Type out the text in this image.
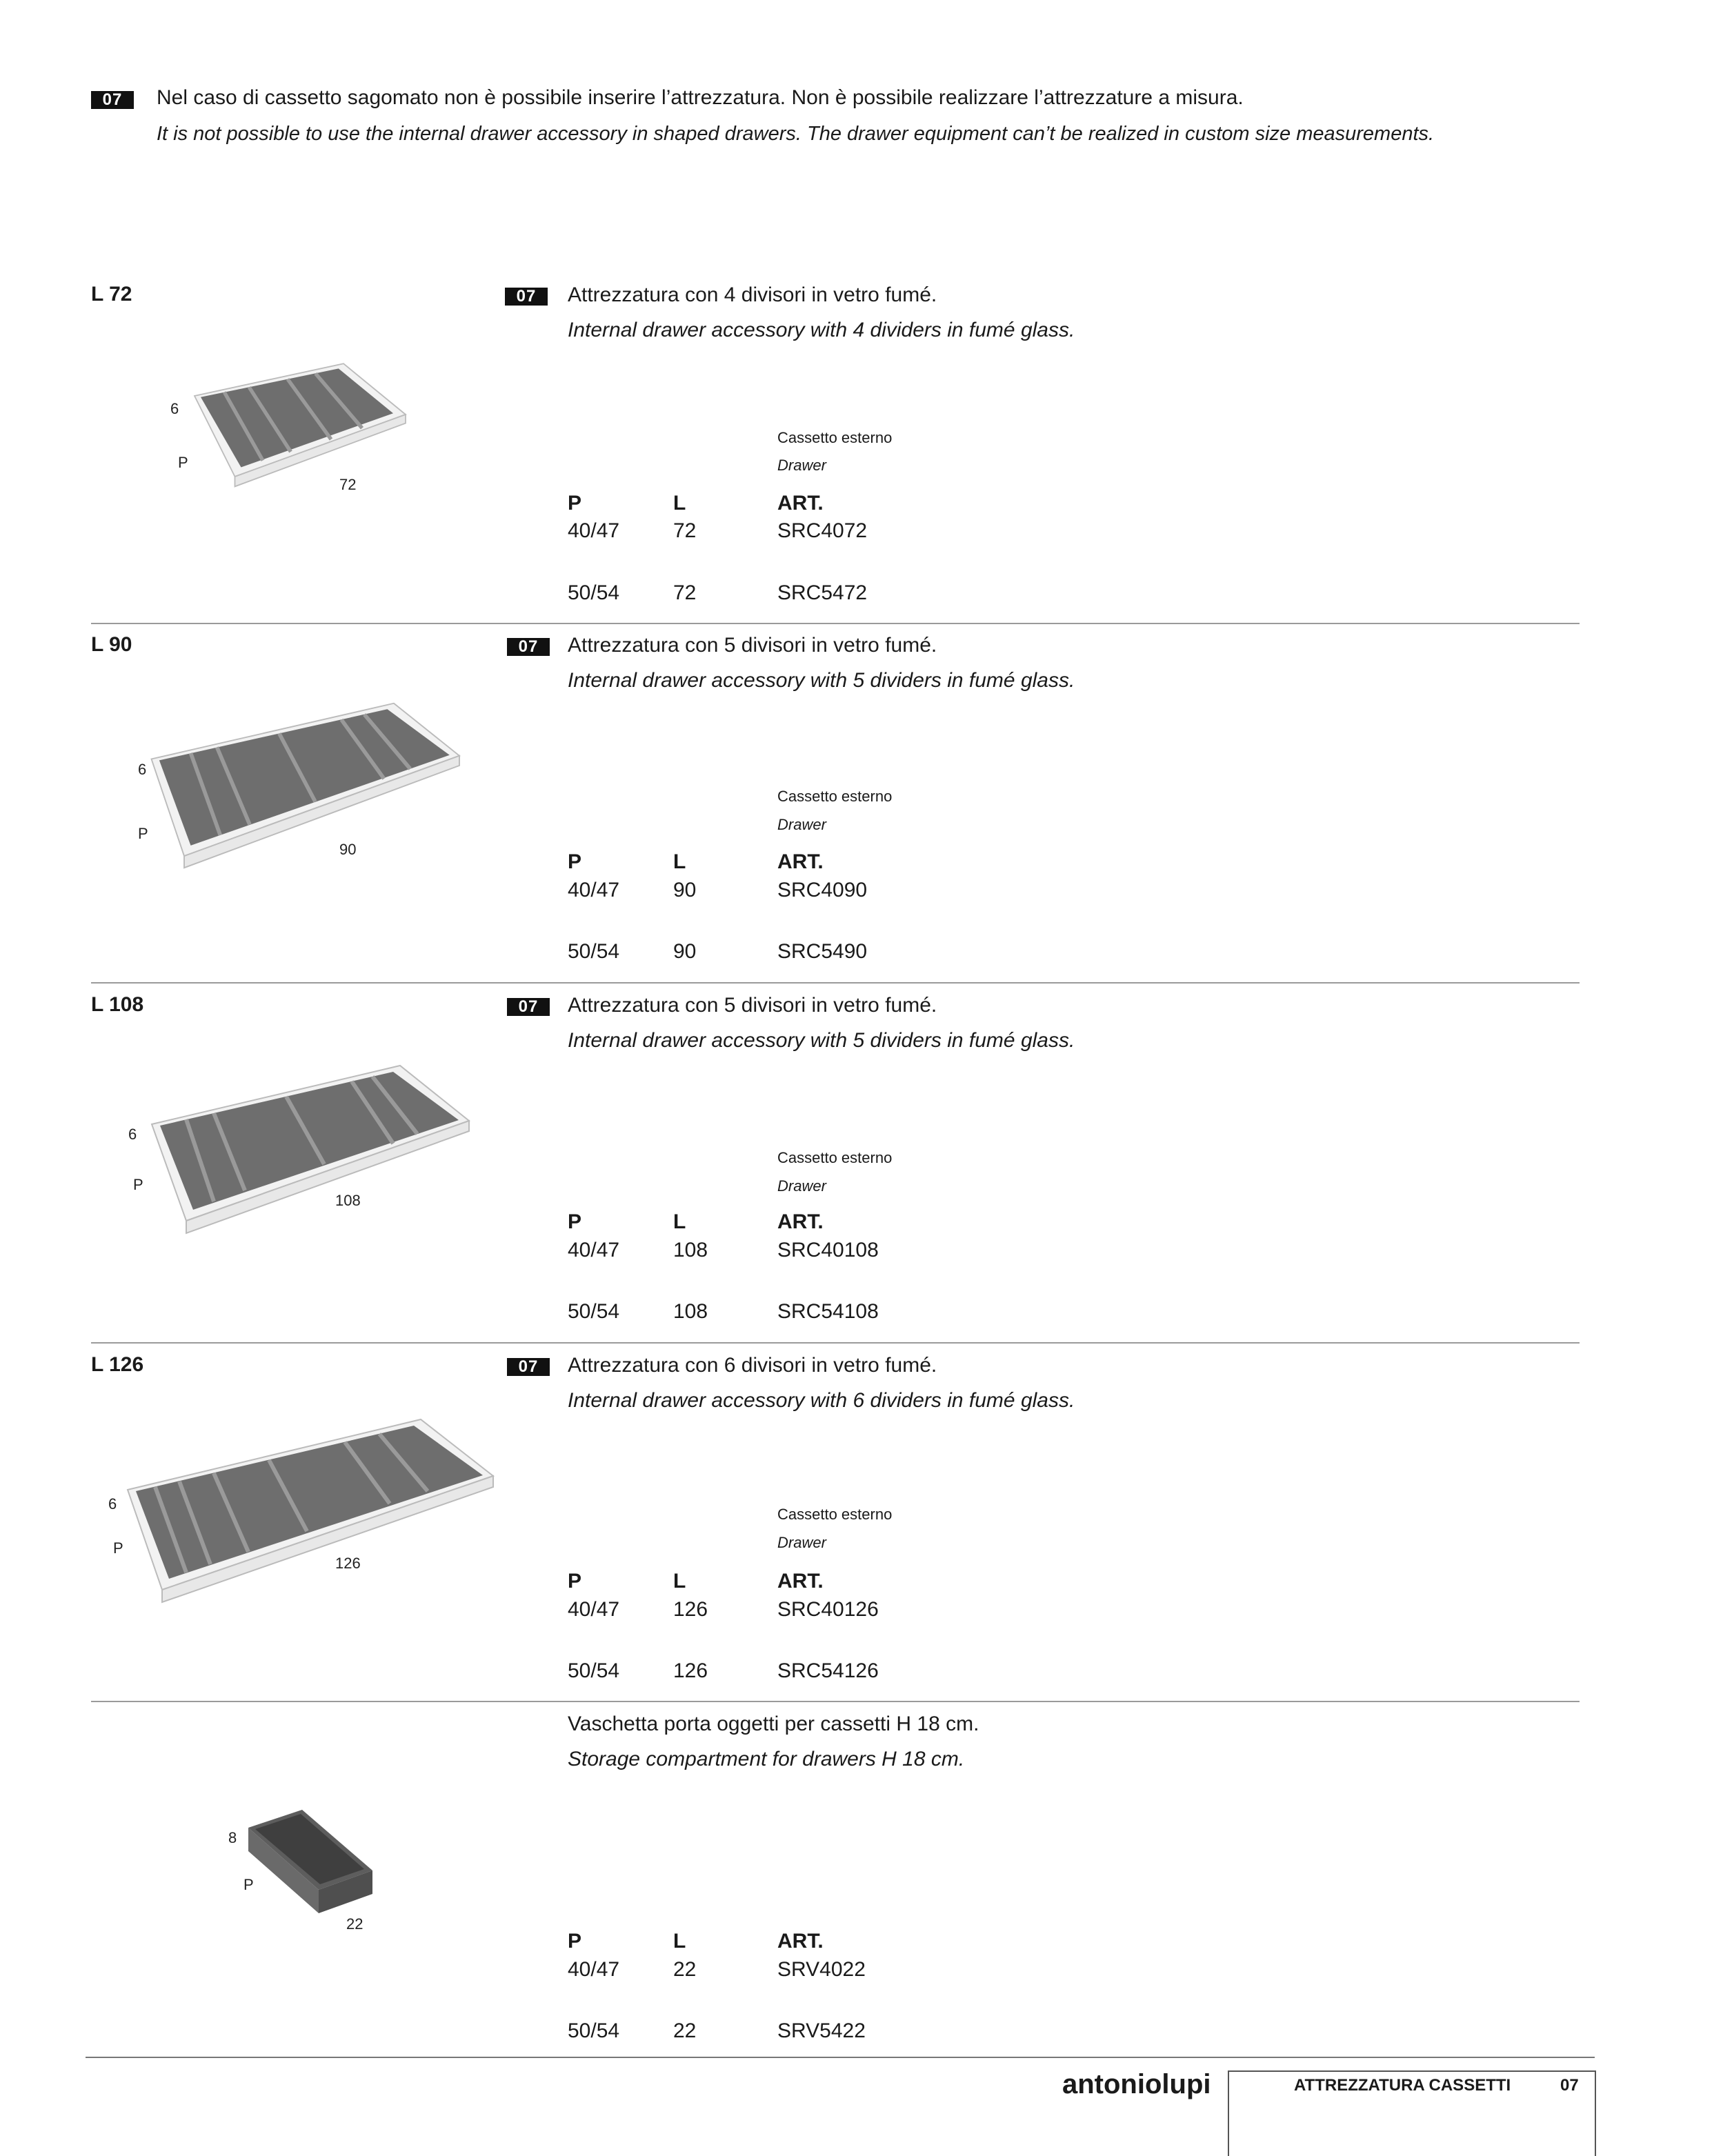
07	Nel caso di cassetto sagomato non è possibile inserire l’attrezzatura. Non è possibile realizzare l’attrezzature a misura.
It is not possible to use the internal drawer accessory in shaped drawers. The drawer equipment can’t be realized in custom size measurements.
L 72	07	Attrezzatura con 4 divisori in vetro fumé.
Internal drawer accessory with 4 dividers in fumé glass.
6
P
72
Cassetto esterno
Drawer
P	L	ART.
40/47	72	SRC4072
50/54	72	SRC5472
L 90	07	Attrezzatura con 5 divisori in vetro fumé.
Internal drawer accessory with 5 dividers in fumé glass.
6
P
90
Cassetto esterno
Drawer
P	L	ART.
40/47	90	SRC4090
50/54	90	SRC5490
L 108	07	Attrezzatura con 5 divisori in vetro fumé.
Internal drawer accessory with 5 dividers in fumé glass.
6
P
108
Cassetto esterno
Drawer
P	L	ART.
40/47	108	SRC40108
50/54	108	SRC54108
L 126	07	Attrezzatura con 6 divisori in vetro fumé.
Internal drawer accessory with 6 dividers in fumé glass.
6
P
126
Cassetto esterno
Drawer
P	L	ART.
40/47	126	SRC40126
50/54	126	SRC54126
Vaschetta porta oggetti per cassetti H 18 cm.
Storage compartment for drawers H 18 cm.
8
P
22
P	L	ART.
40/47	22	SRV4022
50/54	22	SRV5422
antoniolupi	ATTREZZATURA CASSETTI	07
